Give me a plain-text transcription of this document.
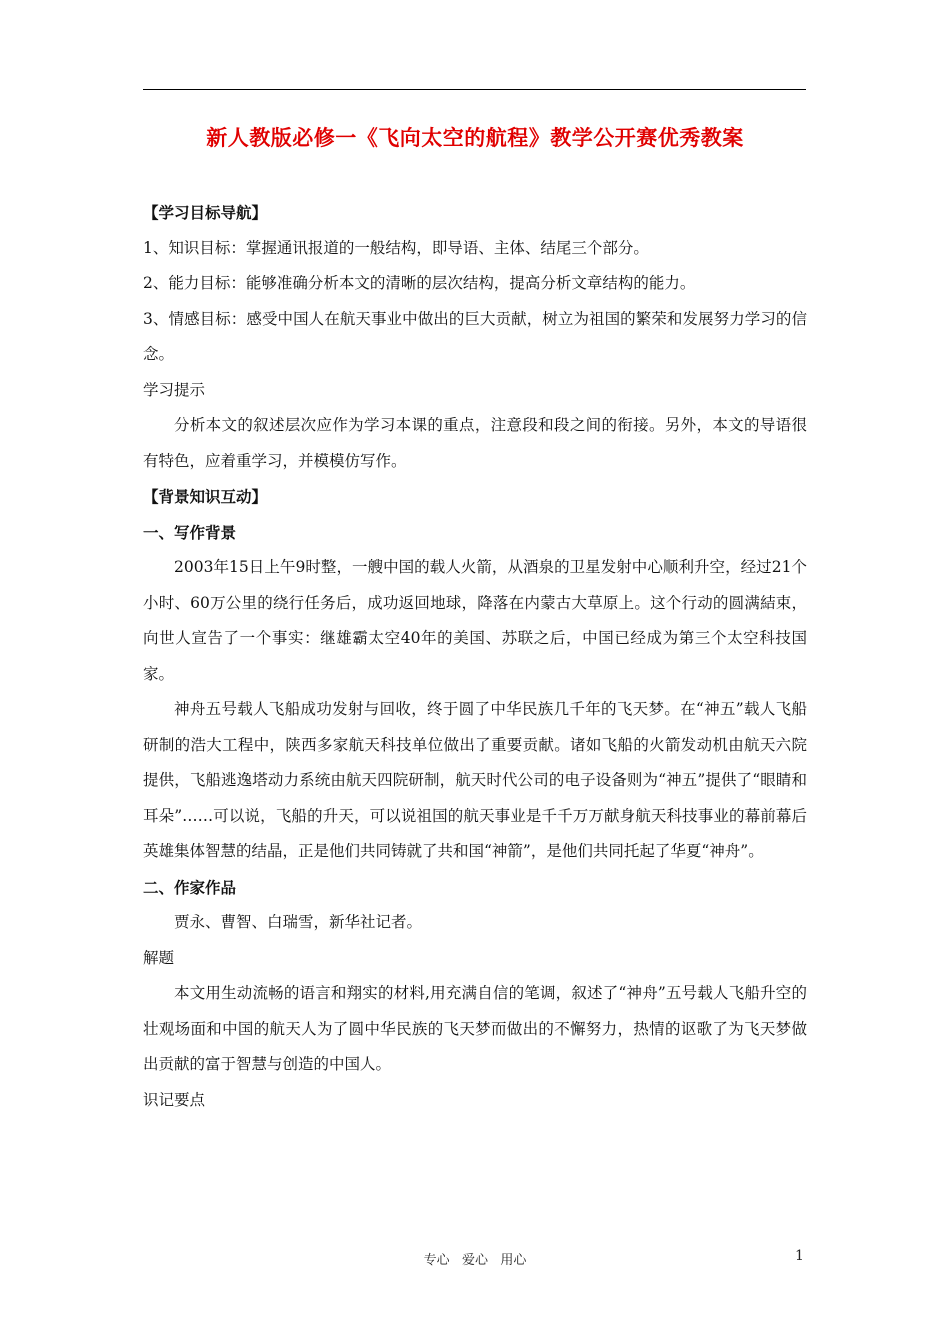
新人教版必修一《飞向太空的航程》教学公开赛优秀教案

【学习目标导航】

1、知识目标：掌握通讯报道的一般结构，即导语、主体、结尾三个部分。

2、能力目标：能够准确分析本文的清晰的层次结构，提高分析文章结构的能力。

3、情感目标：感受中国人在航天事业中做出的巨大贡献，树立为祖国的繁荣和发展努力学习的信念。

学习提示

分析本文的叙述层次应作为学习本课的重点，注意段和段之间的衔接。另外，本文的导语很有特色，应着重学习，并模模仿写作。

【背景知识互动】

一、写作背景

2003年15日上午9时整，一艘中国的载人火箭，从酒泉的卫星发射中心顺利升空，经过21个小时、60万公里的绕行任务后，成功返回地球，降落在内蒙古大草原上。这个行动的圆满結束，向世人宣告了一个事实：继雄霸太空40年的美国、苏联之后，中国已经成为第三个太空科技国家。

神舟五号载人飞船成功发射与回收，终于圆了中华民族几千年的飞天梦。在“神五”载人飞船研制的浩大工程中，陕西多家航天科技单位做出了重要贡献。诸如飞船的火箭发动机由航天六院提供，飞船逃逸塔动力系统由航天四院研制，航天时代公司的电子设备则为“神五”提供了“眼睛和耳朵”……可以说，飞船的升天，可以说祖国的航天事业是千千万万献身航天科技事业的幕前幕后英雄集体智慧的结晶，正是他们共同铸就了共和国“神箭”，是他们共同托起了华夏“神舟”。

二、作家作品

贾永、曹智、白瑞雪，新华社记者。

解题

本文用生动流畅的语言和翔实的材料,用充满自信的笔调，叙述了“神舟”五号载人飞船升空的壮观场面和中国的航天人为了圆中华民族的飞天梦而做出的不懈努力，热情的讴歌了为飞天梦做出贡献的富于智慧与创造的中国人。

识记要点

专心   爱心   用心	1
